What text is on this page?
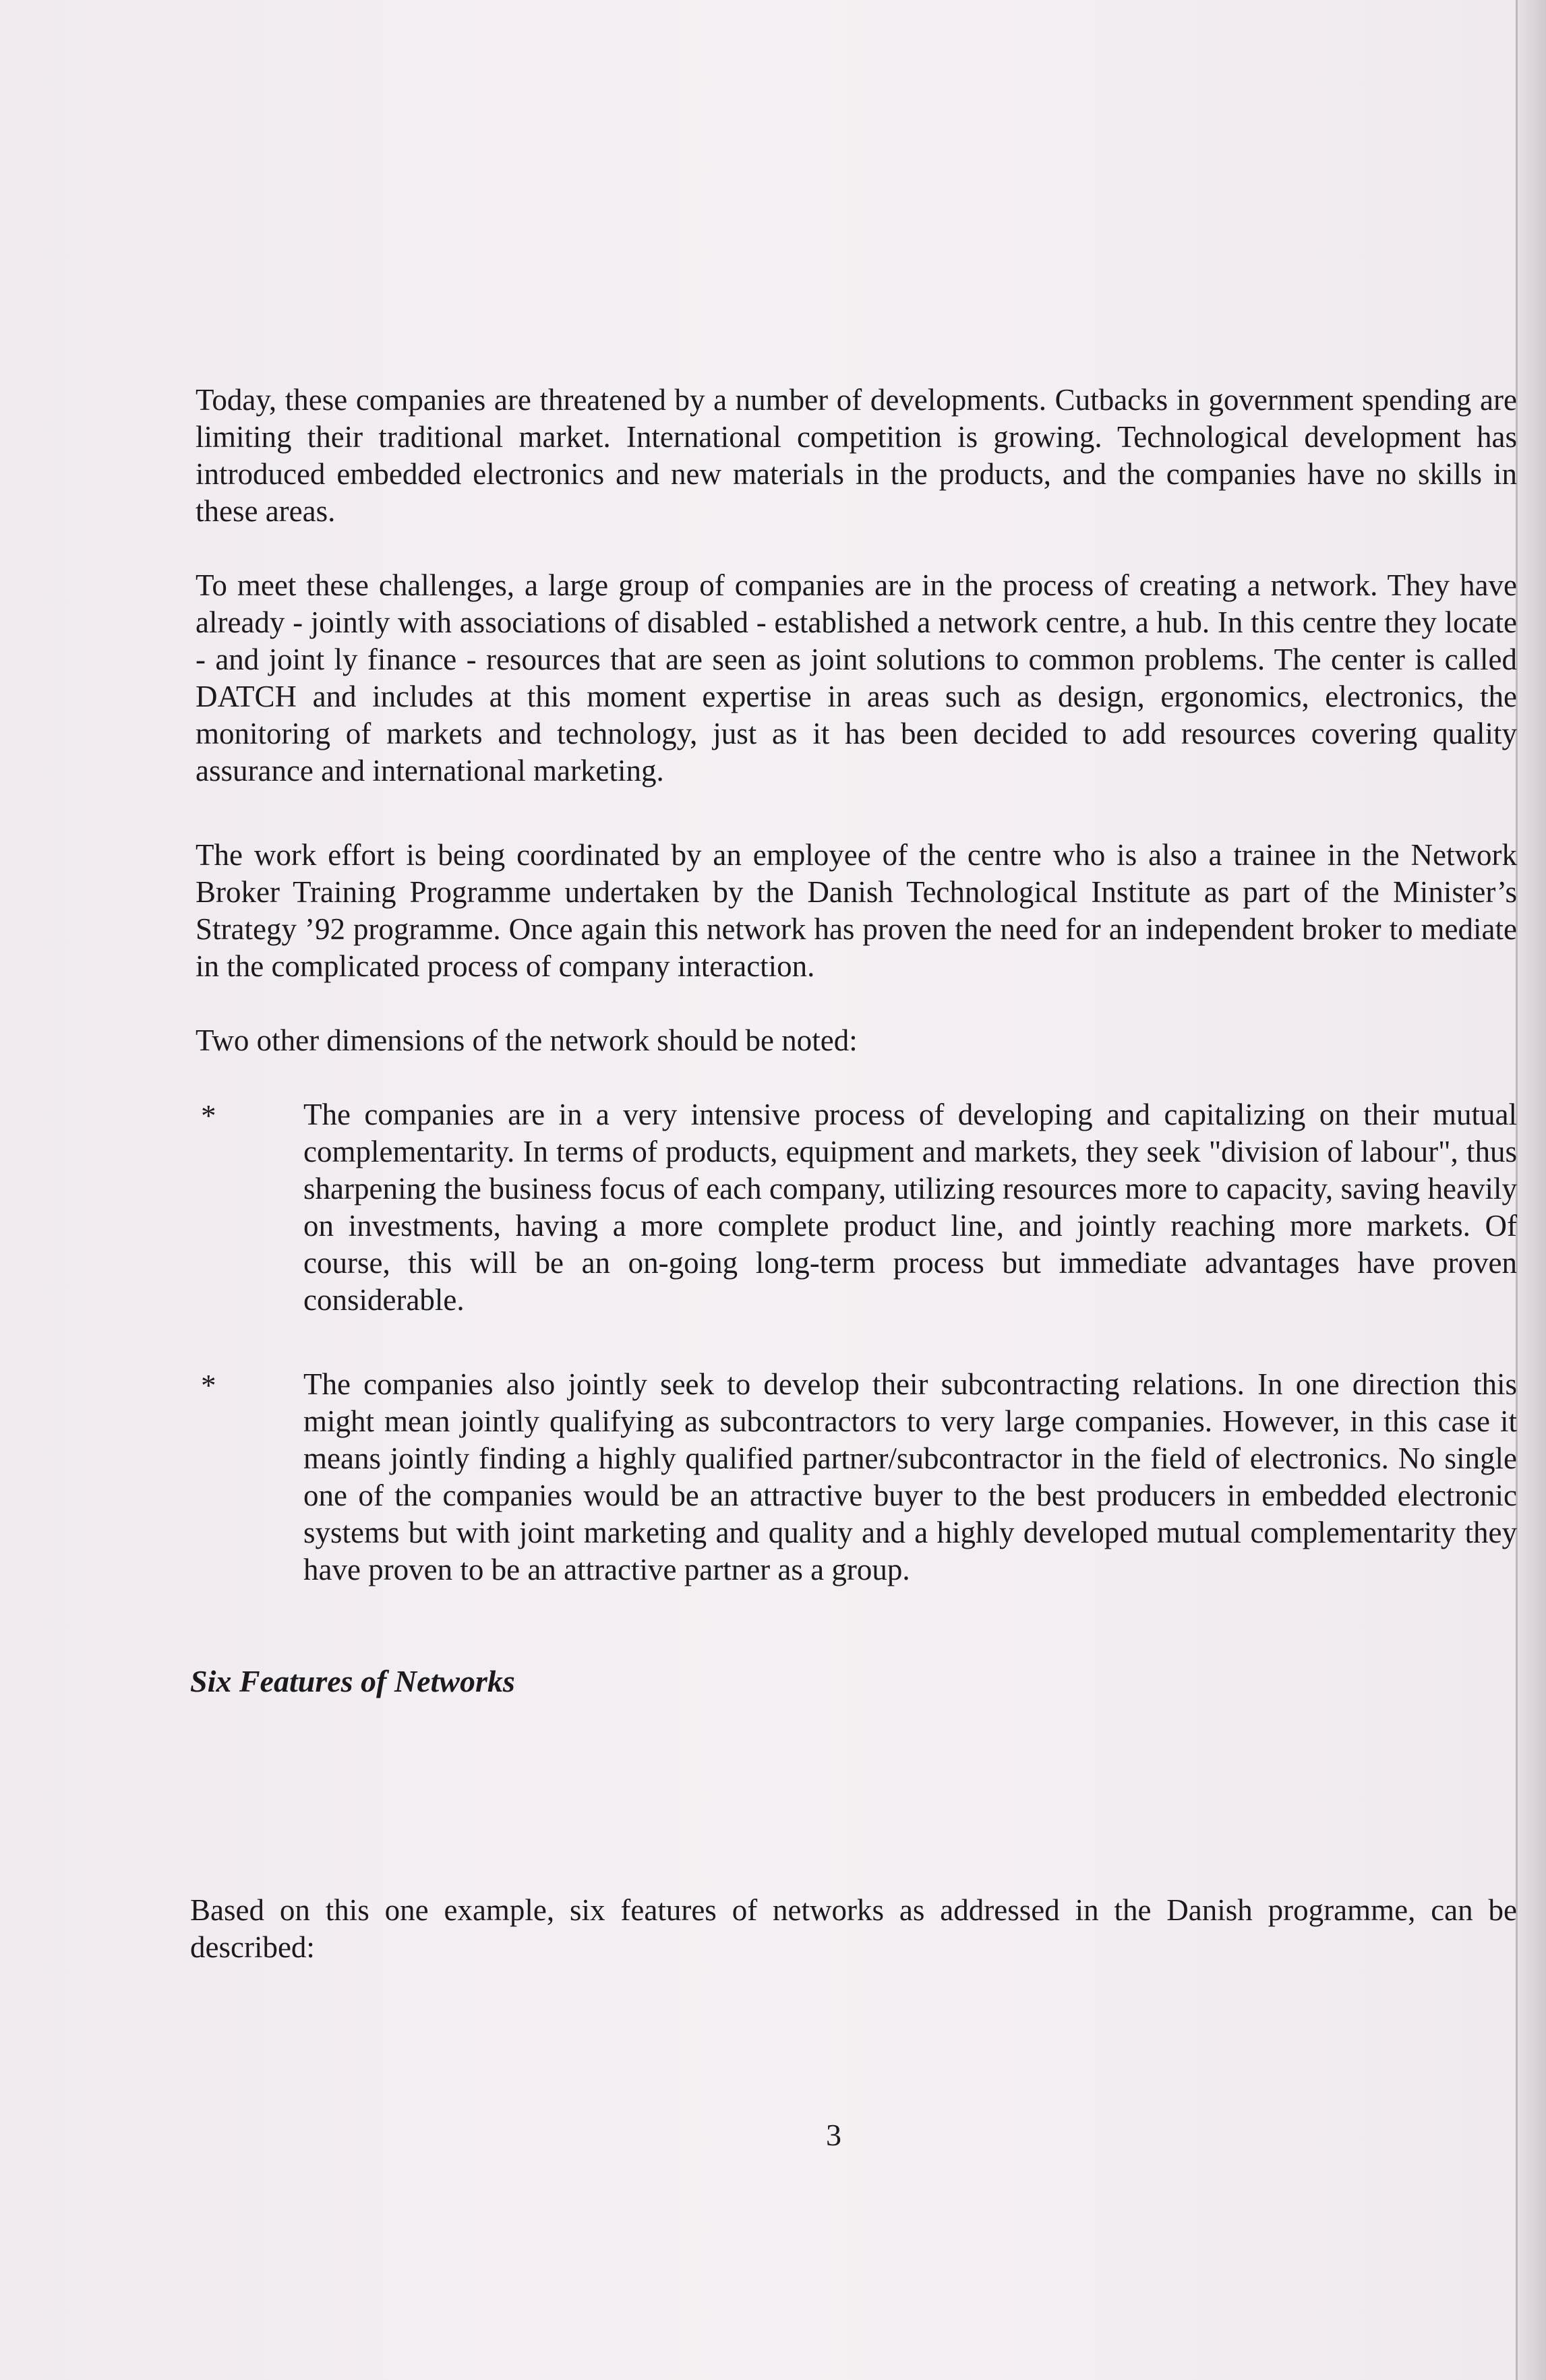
Today, these companies are threatened by a number of developments. Cutbacks in government spending are limiting their traditional market. International competition is growing. Technological development has introduced embedded electronics and new materials in the products, and the companies have no skills in these areas.

To meet these challenges, a large group of companies are in the process of creating a network. They have already - jointly with associations of disabled - established a network centre, a hub. In this centre they locate - and joint ly finance - resources that are seen as joint solutions to common problems. The center is called DATCH and includes at this moment expertise in areas such as design, ergonomics, electronics, the monitoring of markets and technology, just as it has been decided to add resources covering quality assurance and international marketing.

The work effort is being coordinated by an employee of the centre who is also a trainee in the Network Broker Training Programme undertaken by the Danish Technological Institute as part of the Minister’s Strategy ’92 programme. Once again this network has proven the need for an independent broker to mediate in the complicated process of company interaction.

Two other dimensions of the network should be noted:

*	The companies are in a very intensive process of developing and capitalizing on their mutual complementarity. In terms of products, equipment and markets, they seek "division of labour", thus sharpening the business focus of each company, utilizing resources more to capacity, saving heavily on investments, having a more complete product line, and jointly reaching more markets. Of course, this will be an on-going long-term process but immediate advantages have proven considerable.

*	The companies also jointly seek to develop their subcontracting relations. In one direction this might mean jointly qualifying as subcontractors to very large companies. However, in this case it means jointly finding a highly qualified partner/subcontractor in the field of electronics. No single one of the companies would be an attractive buyer to the best producers in embedded electronic systems but with joint marketing and quality and a highly developed mutual complementarity they have proven to be an attractive partner as a group.

Six Features of Networks

Based on this one example, six features of networks as addressed in the Danish programme, can be described:

3
